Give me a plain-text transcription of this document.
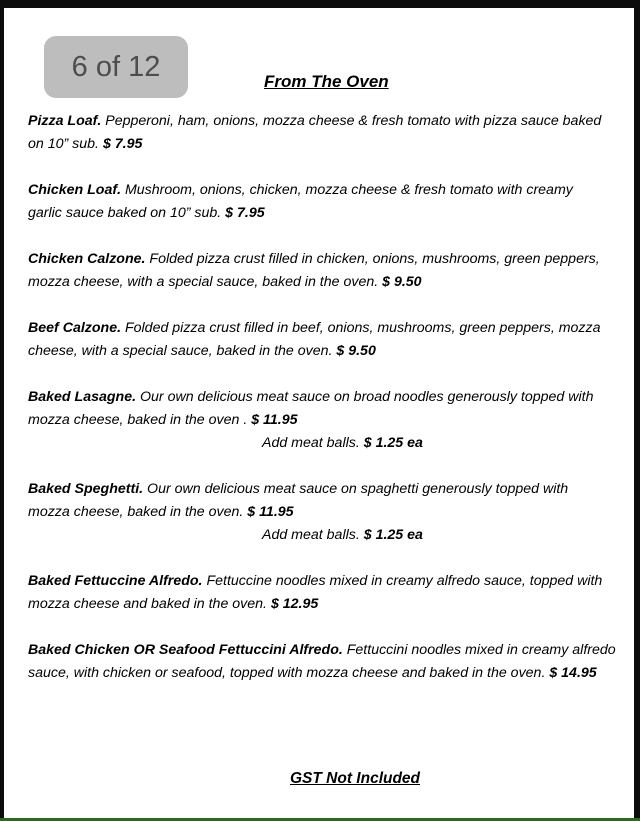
6 of 12	From The Oven
Pizza Loaf. Pepperoni, ham, onions, mozza cheese & fresh tomato with pizza sauce baked
on 10” sub. $ 7.95
Chicken Loaf. Mushroom, onions, chicken, mozza cheese & fresh tomato with creamy
garlic sauce baked on 10” sub. $ 7.95
Chicken Calzone. Folded pizza crust filled in chicken, onions, mushrooms, green peppers,
mozza cheese, with a special sauce, baked in the oven. $ 9.50
Beef Calzone. Folded pizza crust filled in beef, onions, mushrooms, green peppers, mozza
cheese, with a special sauce, baked in the oven. $ 9.50
Baked Lasagne. Our own delicious meat sauce on broad noodles generously topped with
mozza cheese, baked in the oven . $ 11.95
Add meat balls. $ 1.25 ea
Baked Speghetti. Our own delicious meat sauce on spaghetti generously topped with
mozza cheese, baked in the oven. $ 11.95
Add meat balls. $ 1.25 ea
Baked Fettuccine Alfredo. Fettuccine noodles mixed in creamy alfredo sauce, topped with
mozza cheese and baked in the oven. $ 12.95
Baked Chicken OR Seafood Fettuccini Alfredo. Fettuccini noodles mixed in creamy alfredo
sauce, with chicken or seafood, topped with mozza cheese and baked in the oven. $ 14.95
GST Not Included
